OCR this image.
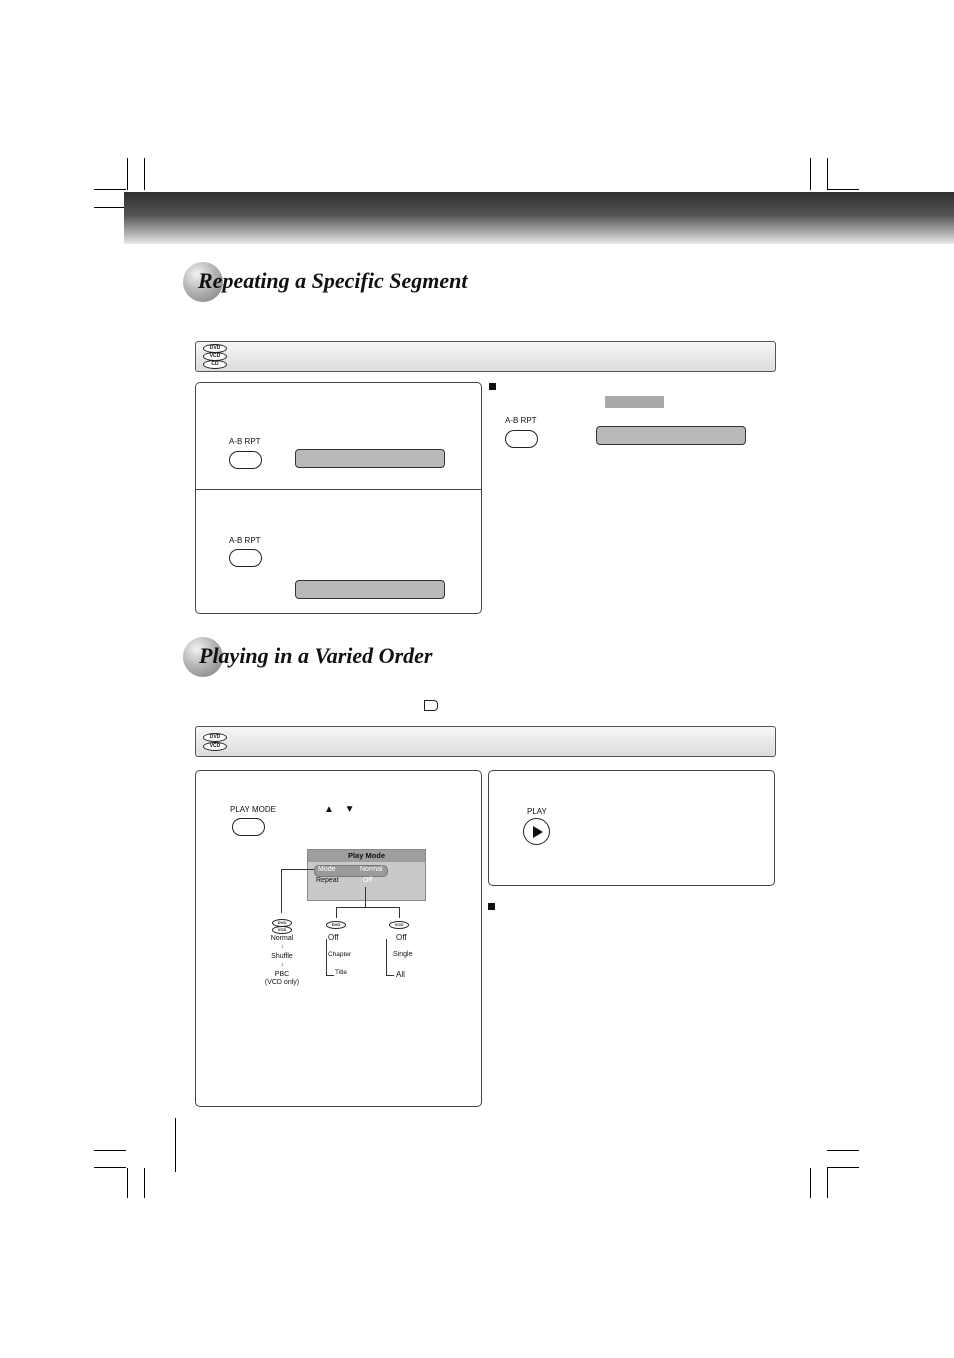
Repeating a Specific Segment
DVD
VCD
CD
A-B RPT
A-B RPT
A-B RPT
Playing in a Varied Order
DVD
VCD
PLAY MODE	▲ ▼
Play Mode
Mode	Normal
Repeat	Off
DVD
VCD
Normal
↓
Shuffle
↓
PBC
(VCD only)
DVD
Off
Chapter
Title
VCD
Off
Single
All
PLAY
